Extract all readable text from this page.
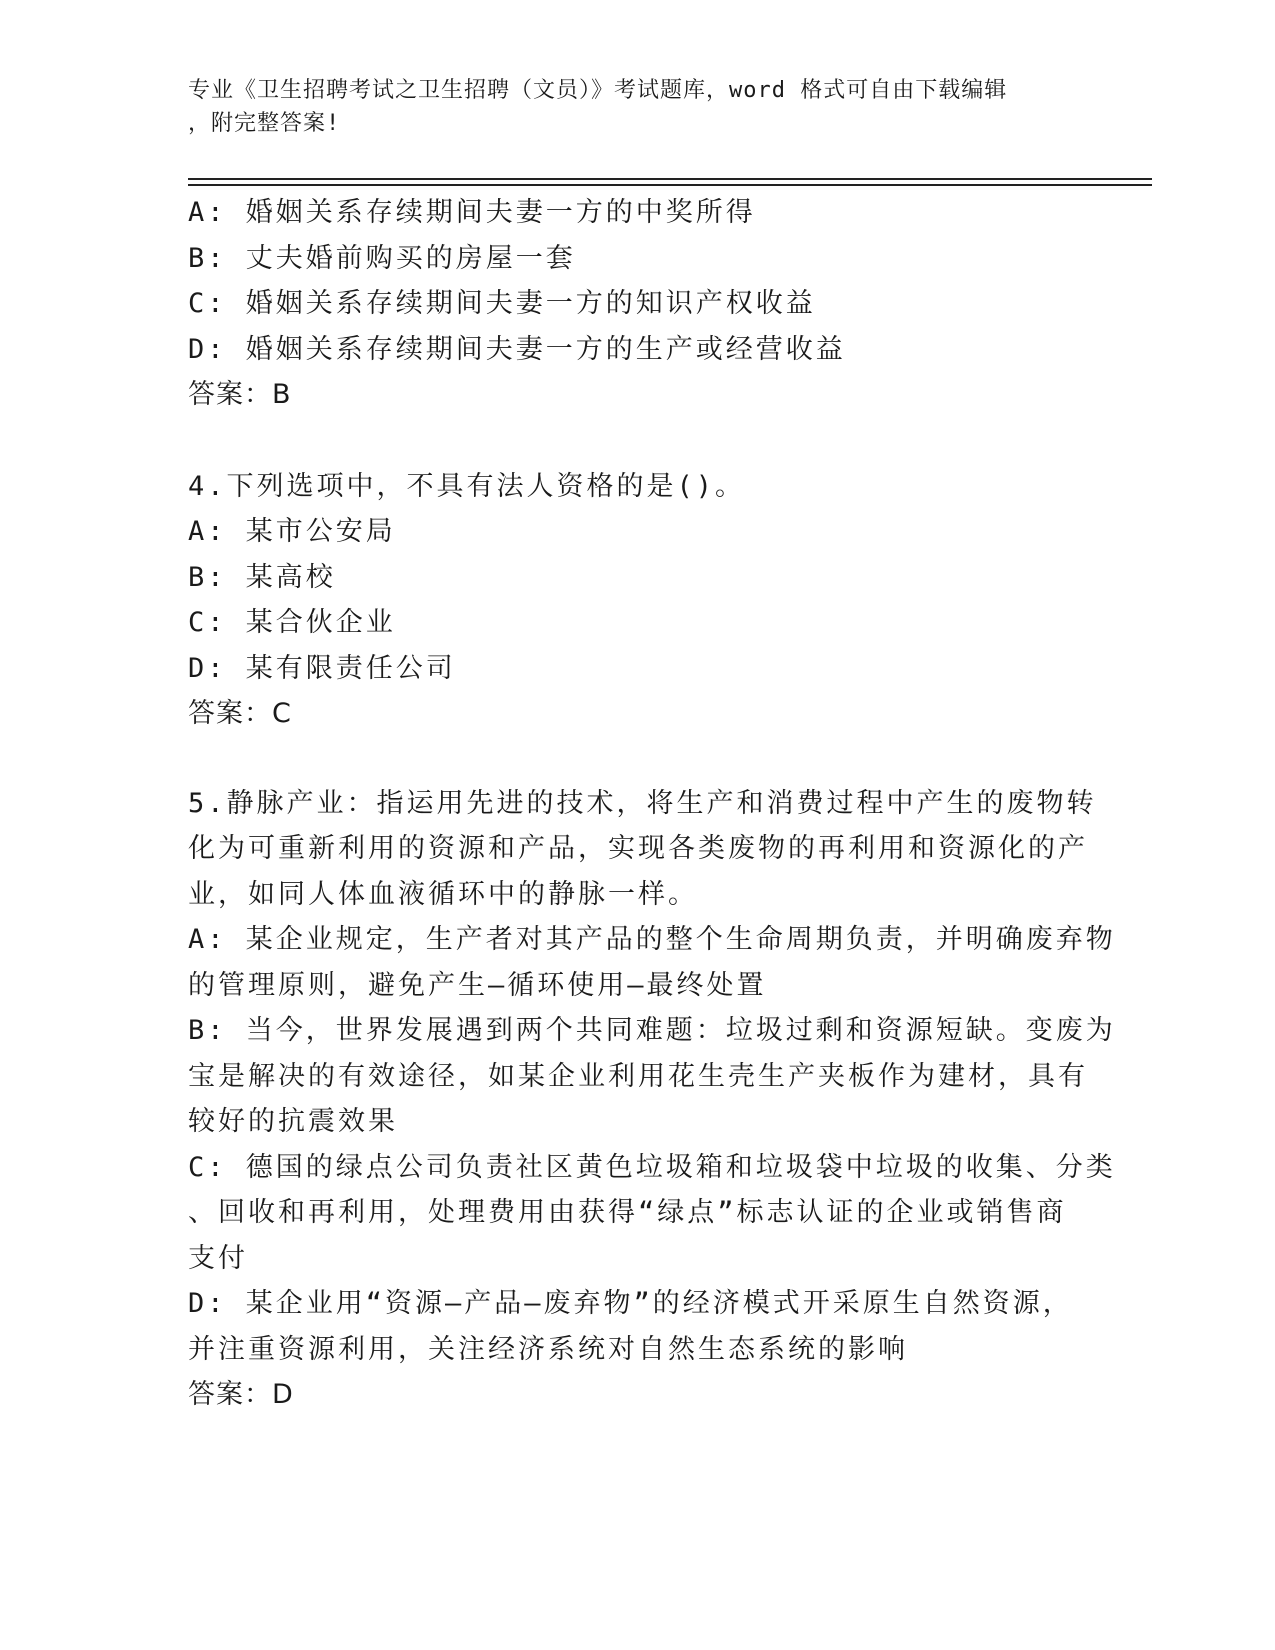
专业《卫生招聘考试之卫生招聘（文员）》考试题库，word 格式可自由下载编辑
，附完整答案!
A: 婚姻关系存续期间夫妻一方的中奖所得
B: 丈夫婚前购买的房屋一套
C: 婚姻关系存续期间夫妻一方的知识产权收益
D: 婚姻关系存续期间夫妻一方的生产或经营收益
答案：B
4.下列选项中，不具有法人资格的是()。
A: 某市公安局
B: 某高校
C: 某合伙企业
D: 某有限责任公司
答案：C
5.静脉产业：指运用先进的技术，将生产和消费过程中产生的废物转
化为可重新利用的资源和产品，实现各类废物的再利用和资源化的产
业，如同人体血液循环中的静脉一样。
A: 某企业规定，生产者对其产品的整个生命周期负责，并明确废弃物
的管理原则，避免产生—循环使用—最终处置
B: 当今，世界发展遇到两个共同难题：垃圾过剩和资源短缺。变废为
宝是解决的有效途径，如某企业利用花生壳生产夹板作为建材，具有
较好的抗震效果
C: 德国的绿点公司负责社区黄色垃圾箱和垃圾袋中垃圾的收集、分类
、回收和再利用，处理费用由获得“绿点”标志认证的企业或销售商
支付
D: 某企业用“资源—产品—废弃物”的经济模式开采原生自然资源，
并注重资源利用，关注经济系统对自然生态系统的影响
答案：D
